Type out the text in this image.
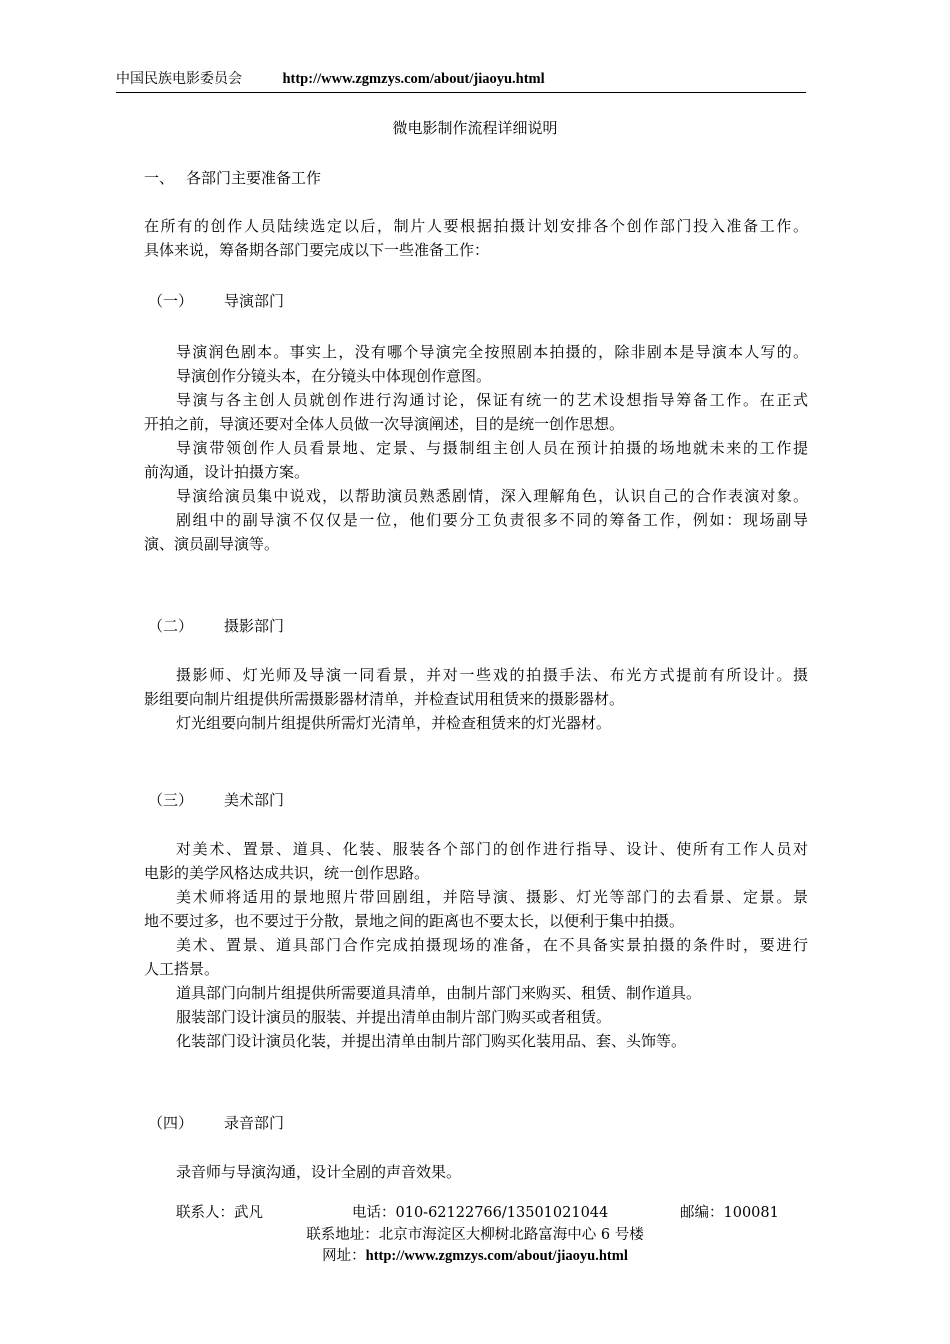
中国民族电影委员会	http://www.zgmzys.com/about/jiaoyu.html
微电影制作流程详细说明
一、 各部门主要准备工作
在所有的创作人员陆续选定以后，制片人要根据拍摄计划安排各个创作部门投入准备工作。
具体来说，筹备期各部门要完成以下一些准备工作：
（一） 导演部门
导演润色剧本。事实上，没有哪个导演完全按照剧本拍摄的，除非剧本是导演本人写的。
导演创作分镜头本，在分镜头中体现创作意图。
导演与各主创人员就创作进行沟通讨论，保证有统一的艺术设想指导筹备工作。在正式
开拍之前，导演还要对全体人员做一次导演阐述，目的是统一创作思想。
导演带领创作人员看景地、定景、与摄制组主创人员在预计拍摄的场地就未来的工作提
前沟通，设计拍摄方案。
导演给演员集中说戏，以帮助演员熟悉剧情，深入理解角色，认识自己的合作表演对象。
剧组中的副导演不仅仅是一位，他们要分工负责很多不同的筹备工作，例如：现场副导
演、演员副导演等。
（二） 摄影部门
摄影师、灯光师及导演一同看景，并对一些戏的拍摄手法、布光方式提前有所设计。摄
影组要向制片组提供所需摄影器材清单，并检查试用租赁来的摄影器材。
灯光组要向制片组提供所需灯光清单，并检查租赁来的灯光器材。
（三） 美术部门
对美术、置景、道具、化装、服装各个部门的创作进行指导、设计、使所有工作人员对
电影的美学风格达成共识，统一创作思路。
美术师将适用的景地照片带回剧组，并陪导演、摄影、灯光等部门的去看景、定景。景
地不要过多，也不要过于分散，景地之间的距离也不要太长，以便利于集中拍摄。
美术、置景、道具部门合作完成拍摄现场的准备，在不具备实景拍摄的条件时，要进行
人工搭景。
道具部门向制片组提供所需要道具清单，由制片部门来购买、租赁、制作道具。
服装部门设计演员的服装、并提出清单由制片部门购买或者租赁。
化装部门设计演员化装，并提出清单由制片部门购买化装用品、套、头饰等。
（四） 录音部门
录音师与导演沟通，设计全剧的声音效果。
联系人：武凡	电话：010-62122766/13501021044	邮编：100081
联系地址：北京市海淀区大柳树北路富海中心 6 号楼
网址：http://www.zgmzys.com/about/jiaoyu.html
